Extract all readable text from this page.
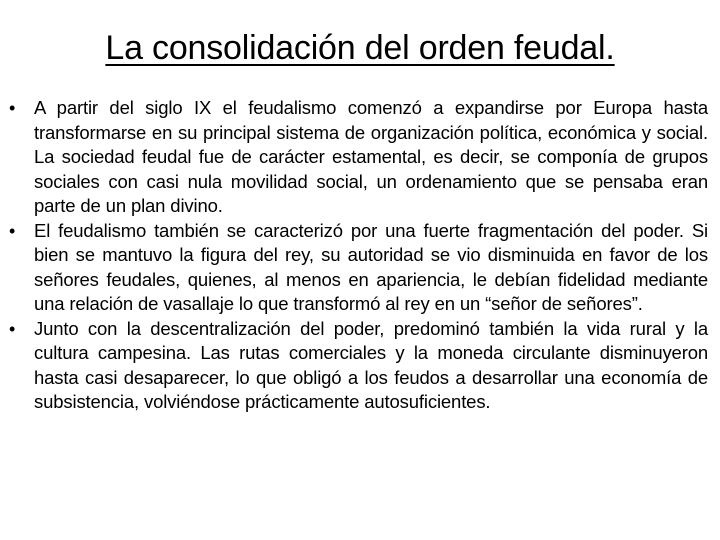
La consolidación del orden feudal.
• A partir del siglo IX el feudalismo comenzó a expandirse por Europa hasta transformarse en su principal sistema de organización política, económica y social. La sociedad feudal fue de carácter estamental, es decir, se componía de grupos sociales con casi nula movilidad social, un ordenamiento que se pensaba eran parte de un plan divino.
• El feudalismo también se caracterizó por una fuerte fragmentación del poder. Si bien se mantuvo la figura del rey, su autoridad se vio disminuida en favor de los señores feudales, quienes, al menos en apariencia, le debían fidelidad mediante una relación de vasallaje lo que transformó al rey en un “señor de señores”.
• Junto con la descentralización del poder, predominó también la vida rural y la cultura campesina. Las rutas comerciales y la moneda circulante disminuyeron hasta casi desaparecer, lo que obligó a los feudos a desarrollar una economía de subsistencia, volviéndose prácticamente autosuficientes.
